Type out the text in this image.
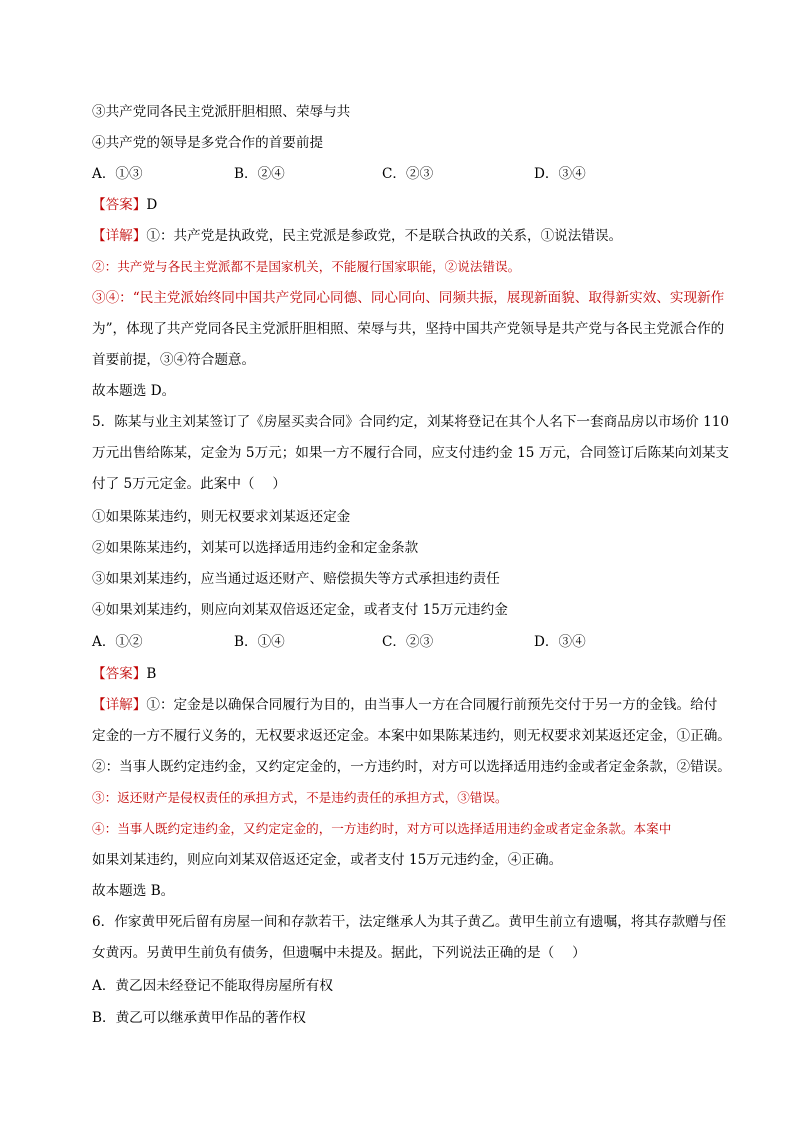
③共产党同各民主党派肝胆相照、荣辱与共
④共产党的领导是多党合作的首要前提
A．①③	B．②④	C．②③	D．③④
【答案】D
【详解】①：共产党是执政党，民主党派是参政党，不是联合执政的关系，①说法错误。
②：共产党与各民主党派都不是国家机关，不能履行国家职能，②说法错误。
③④：“民主党派始终同中国共产党同心同德、同心同向、同频共振，展现新面貌、取得新实效、实现新作
为”，体现了共产党同各民主党派肝胆相照、荣辱与共，坚持中国共产党领导是共产党与各民主党派合作的
首要前提，③④符合题意。
故本题选 D。
5．陈某与业主刘某签订了《房屋买卖合同》合同约定，刘某将登记在其个人名下一套商品房以市场价 110
万元出售给陈某，定金为 5万元；如果一方不履行合同，应支付违约金 15 万元，合同签订后陈某向刘某支
付了 5万元定金。此案中（　 ）
①如果陈某违约，则无权要求刘某返还定金
②如果陈某违约，刘某可以选择适用违约金和定金条款
③如果刘某违约，应当通过返还财产、赔偿损失等方式承担违约责任
④如果刘某违约，则应向刘某双倍返还定金，或者支付 15万元违约金
A．①②	B．①④	C．②③	D．③④
【答案】B
【详解】①：定金是以确保合同履行为目的，由当事人一方在合同履行前预先交付于另一方的金钱。给付
定金的一方不履行义务的，无权要求返还定金。本案中如果陈某违约，则无权要求刘某返还定金，①正确。
②：当事人既约定违约金，又约定定金的，一方违约时，对方可以选择适用违约金或者定金条款，②错误。
③：返还财产是侵权责任的承担方式，不是违约责任的承担方式，③错误。
④：当事人既约定违约金，又约定定金的，一方违约时，对方可以选择适用违约金或者定金条款。本案中
如果刘某违约，则应向刘某双倍返还定金，或者支付 15万元违约金，④正确。
故本题选 B。
6．作家黄甲死后留有房屋一间和存款若干，法定继承人为其子黄乙。黄甲生前立有遗嘱，将其存款赠与侄
女黄丙。另黄甲生前负有债务，但遗嘱中未提及。据此，下列说法正确的是（　 ）
A．黄乙因未经登记不能取得房屋所有权
B．黄乙可以继承黄甲作品的著作权
